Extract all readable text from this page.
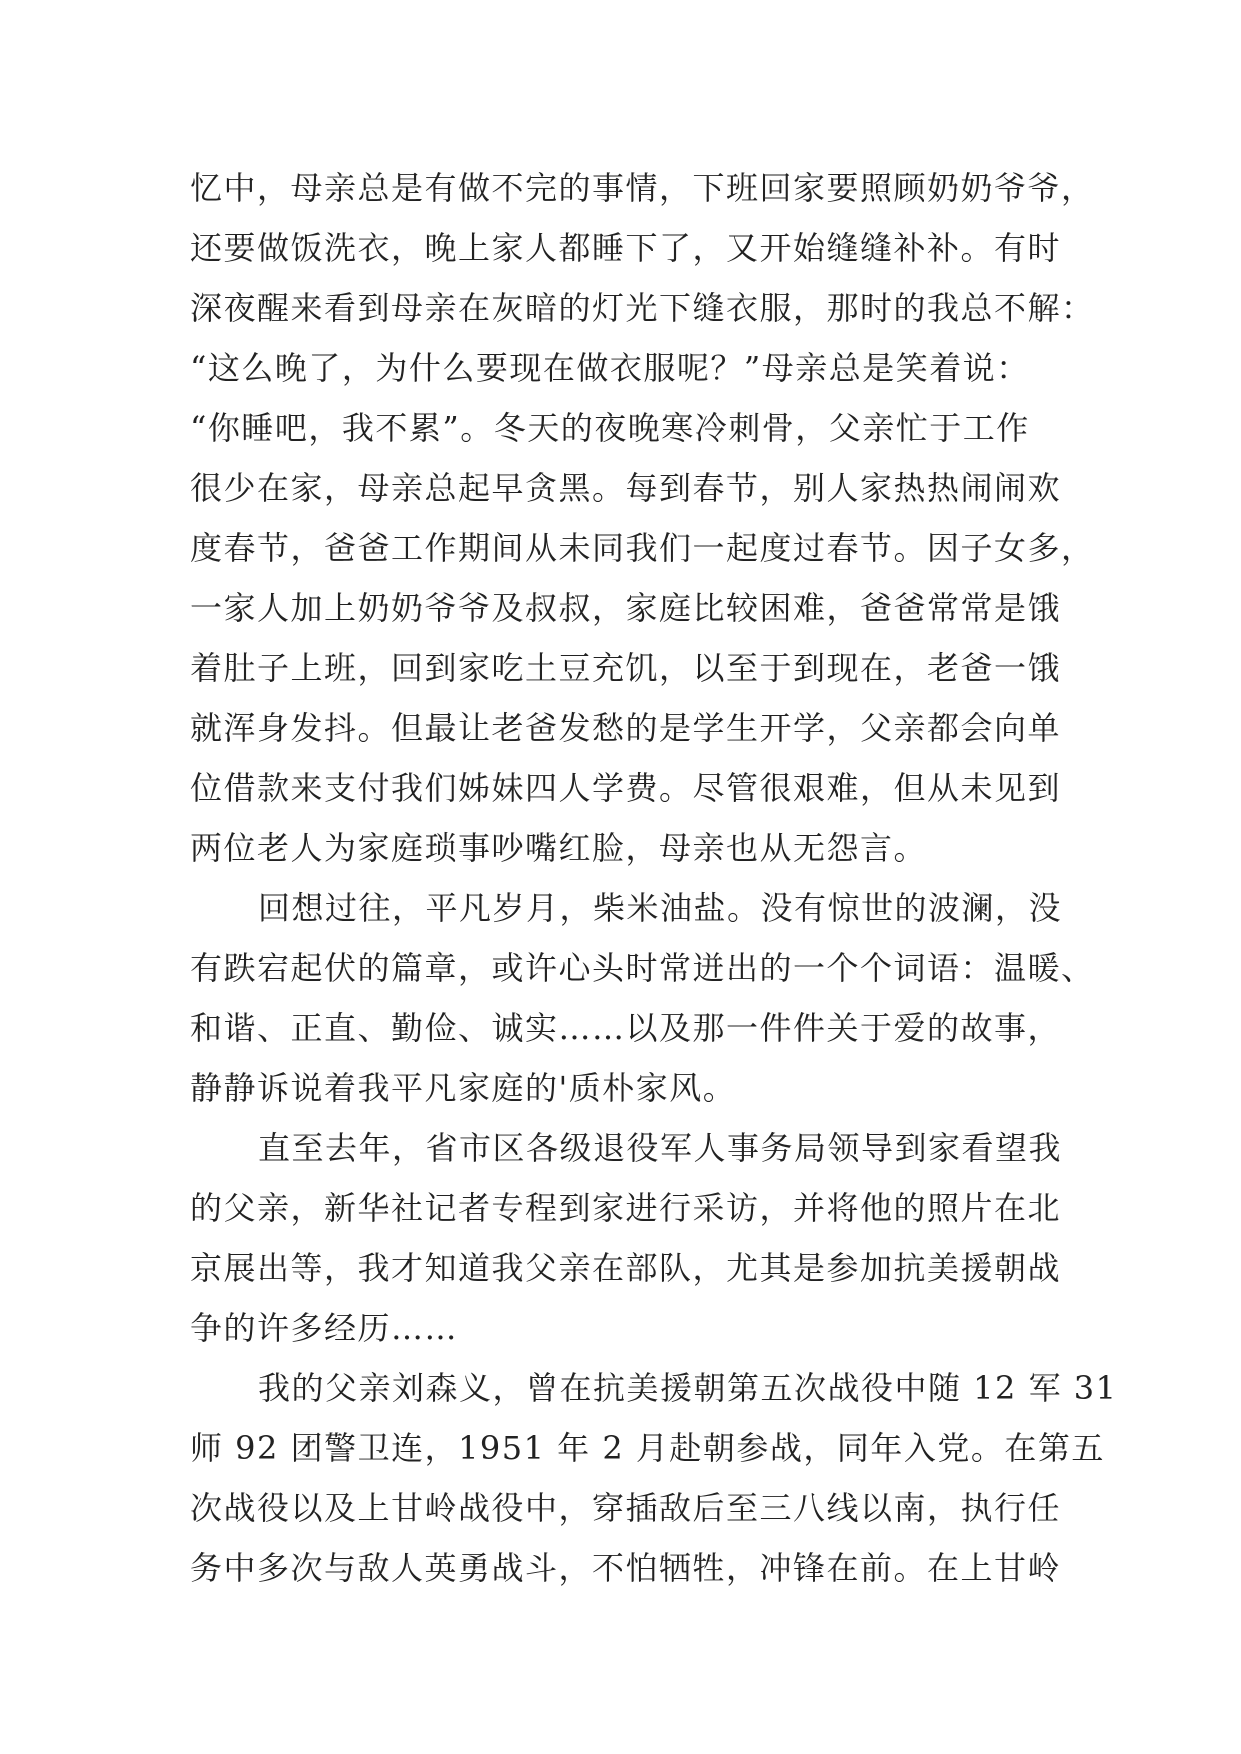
忆中，母亲总是有做不完的事情，下班回家要照顾奶奶爷爷，
还要做饭洗衣，晚上家人都睡下了，又开始缝缝补补。有时
深夜醒来看到母亲在灰暗的灯光下缝衣服，那时的我总不解：
“这么晚了，为什么要现在做衣服呢？”母亲总是笑着说：
“你睡吧，我不累”。冬天的夜晚寒冷刺骨，父亲忙于工作
很少在家，母亲总起早贪黑。每到春节，别人家热热闹闹欢
度春节，爸爸工作期间从未同我们一起度过春节。因子女多，
一家人加上奶奶爷爷及叔叔，家庭比较困难，爸爸常常是饿
着肚子上班，回到家吃土豆充饥，以至于到现在，老爸一饿
就浑身发抖。但最让老爸发愁的是学生开学，父亲都会向单
位借款来支付我们姊妹四人学费。尽管很艰难，但从未见到
两位老人为家庭琐事吵嘴红脸，母亲也从无怨言。
回想过往，平凡岁月，柴米油盐。没有惊世的波澜，没
有跌宕起伏的篇章，或许心头时常迸出的一个个词语：温暖、
和谐、正直、勤俭、诚实……以及那一件件关于爱的故事，
静静诉说着我平凡家庭的'质朴家风。
直至去年，省市区各级退役军人事务局领导到家看望我
的父亲，新华社记者专程到家进行采访，并将他的照片在北
京展出等，我才知道我父亲在部队，尤其是参加抗美援朝战
争的许多经历……
我的父亲刘森义，曾在抗美援朝第五次战役中随 12 军 31
师 92 团警卫连，1951 年 2 月赴朝参战，同年入党。在第五
次战役以及上甘岭战役中，穿插敌后至三八线以南，执行任
务中多次与敌人英勇战斗，不怕牺牲，冲锋在前。在上甘岭
